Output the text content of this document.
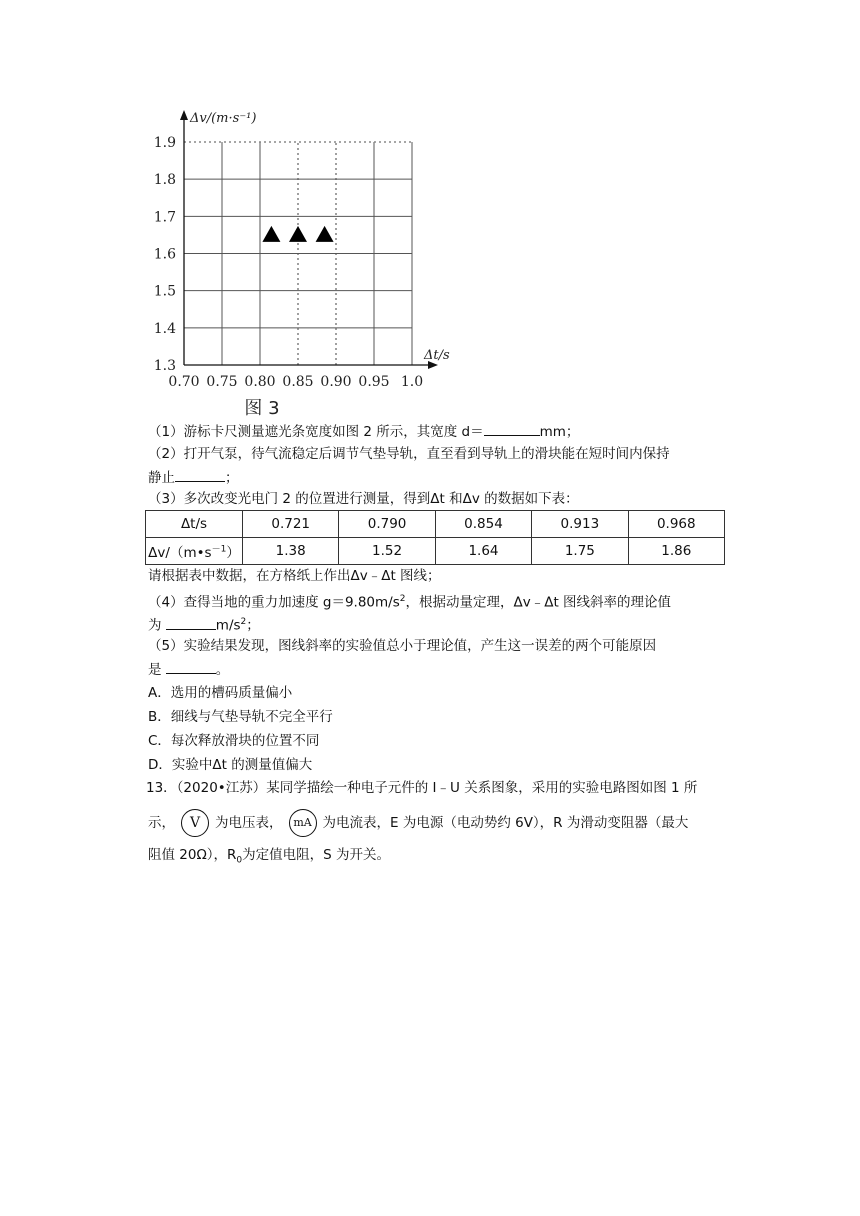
0.70 0.75 0.80 0.85 0.90 0.95 1.0
1.3
1.4
1.5
1.6
1.7
1.8
1.9
Δv/(m·s⁻¹)
Δt/s
图 3
（1）游标卡尺测量遮光条宽度如图 2 所示，其宽度 d＝	mm；
（2）打开气泵，待气流稳定后调节气垫导轨，直至看到导轨上的滑块能在短时间内保持
静止	；
（3）多次改变光电门 2 的位置进行测量，得到Δt 和Δv 的数据如下表：
Δt/s	0.721	0.790	0.854	0.913	0.968
$\Delta v/(m•s^{-1})$	1.38	1.52	1.64	1.75	1.86
请根据表中数据，在方格纸上作出Δv﹣Δt 图线；
（4）查得当地的重力加速度 $g=9.80m/s^2$，根据动量定理，Δv﹣Δt 图线斜率的理论值
为	$m/s^2$；
（5）实验结果发现，图线斜率的实验值总小于理论值，产生这一误差的两个可能原因
是	。
A．选用的槽码质量偏小
B．细线与气垫导轨不完全平行
C．每次释放滑块的位置不同
D．实验中Δt 的测量值偏大
13．（2020•江苏）某同学描绘一种电子元件的 I﹣U 关系图象，采用的实验电路图如图 1 所
示， V 为电压表， mA 为电流表，E 为电源（电动势约 6V），R 为滑动变阻器（最大
阻值 20Ω），$R_0$为定值电阻，S 为开关。
